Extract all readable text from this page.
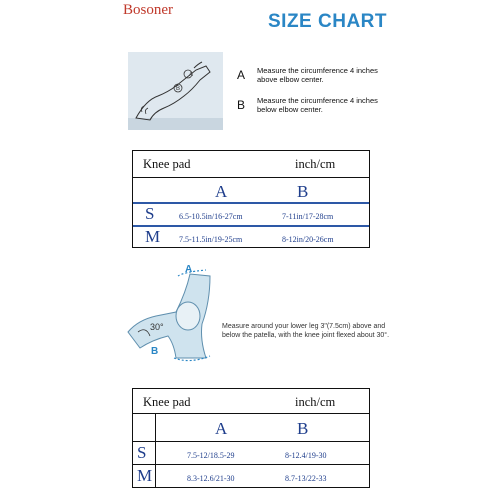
Bosoner
SIZE CHART
A
B
A Measure the circumference 4 inches above elbow center.
B Measure the circumference 4 inches below elbow center.
Knee pad	inch/cm
A	B
S	6.5-10.5in/16-27cm	7-11in/17-28cm
M 7.5-11.5in/19-25cm	8-12in/20-26cm
A
B
30°	Measure around your lower leg 3"(7.5cm) above and below the patella, with the knee joint flexed about 30°.
Knee pad	inch/cm
A	B
S	7.5-12/18.5-29	8-12.4/19-30
M	8.3-12.6/21-30	8.7-13/22-33
